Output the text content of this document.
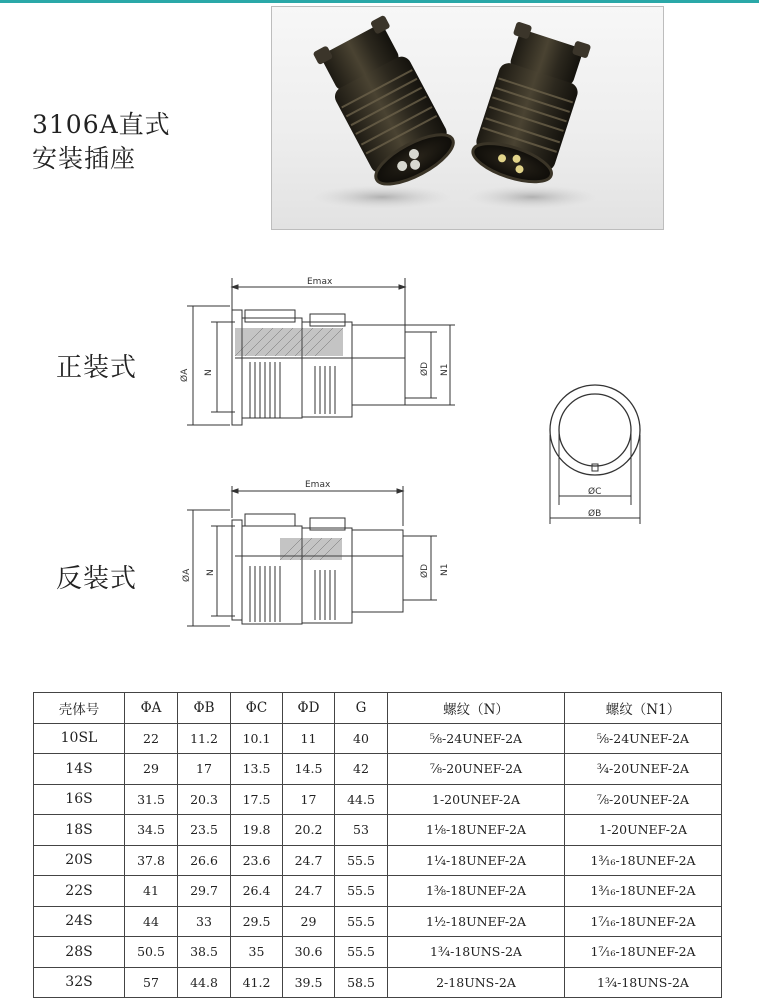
3106A直式
安装插座
正装式
反装式
Emax
ØA N	ØD N1
Emax
ØA N	ØD N1
ØC
ØB
壳体号	ΦA	ΦB	ΦC	ΦD	G	螺纹（N）	螺纹（N1）
10SL	22	11.2	10.1	11	40	⁵⁄₈-24UNEF-2A	⁵⁄₈-24UNEF-2A
14S	29	17	13.5	14.5	42	⁷⁄₈-20UNEF-2A	³⁄₄-20UNEF-2A
16S	31.5	20.3	17.5	17	44.5	1-20UNEF-2A	⁷⁄₈-20UNEF-2A
18S	34.5	23.5	19.8	20.2	53	1¹⁄₈-18UNEF-2A	1-20UNEF-2A
20S	37.8	26.6	23.6	24.7	55.5	1¹⁄₄-18UNEF-2A	1³⁄₁₆-18UNEF-2A
22S	41	29.7	26.4	24.7	55.5	1³⁄₈-18UNEF-2A	1³⁄₁₆-18UNEF-2A
24S	44	33	29.5	29	55.5	1¹⁄₂-18UNEF-2A	1⁷⁄₁₆-18UNEF-2A
28S	50.5	38.5	35	30.6	55.5	1³⁄₄-18UNS-2A	1⁷⁄₁₆-18UNEF-2A
32S	57	44.8	41.2	39.5	58.5	2-18UNS-2A	1³⁄₄-18UNS-2A
